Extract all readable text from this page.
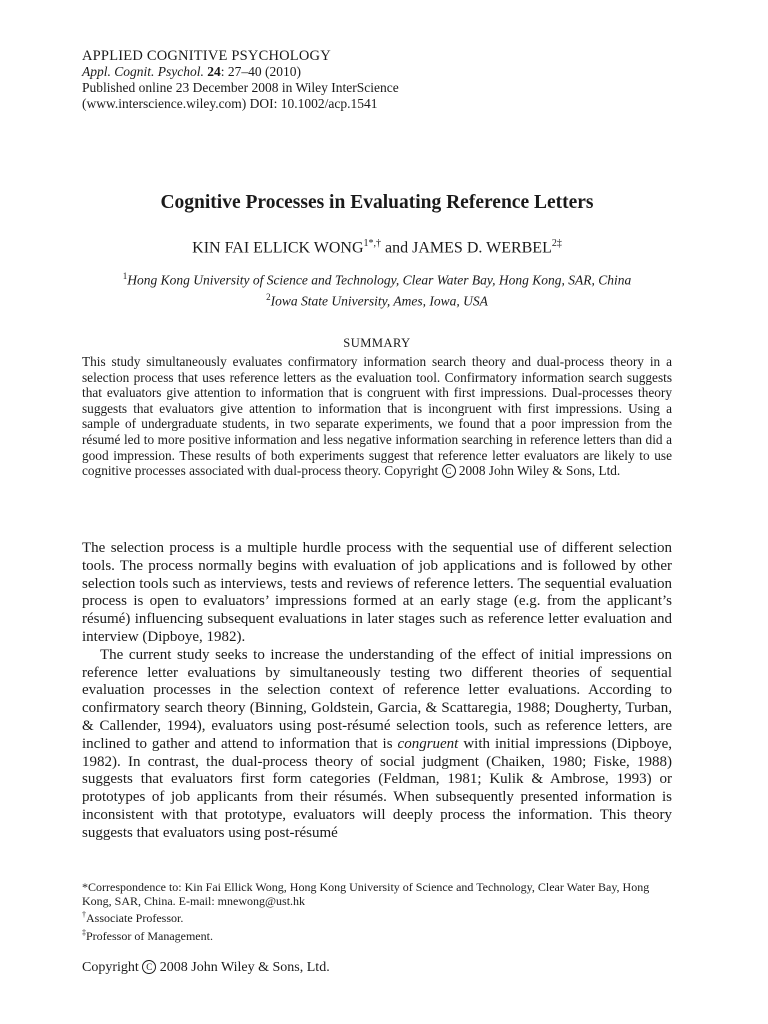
APPLIED COGNITIVE PSYCHOLOGY
Appl. Cognit. Psychol. 24: 27–40 (2010)
Published online 23 December 2008 in Wiley InterScience
(www.interscience.wiley.com) DOI: 10.1002/acp.1541
Cognitive Processes in Evaluating Reference Letters
KIN FAI ELLICK $WONG^{1*,\dagger}$ and JAMES D. $WERBEL^{2\ddagger}$
$^1$Hong Kong University of Science and Technology, Clear Water Bay, Hong Kong, SAR, China
$^2$Iowa State University, Ames, Iowa, USA
SUMMARY
This study simultaneously evaluates confirmatory information search theory and dual-process theory in a selection process that uses reference letters as the evaluation tool. Confirmatory information search suggests that evaluators give attention to information that is congruent with first impressions. Dual-processes theory suggests that evaluators give attention to information that is incongruent with first impressions. Using a sample of undergraduate students, in two separate experiments, we found that a poor impression from the résumé led to more positive information and less negative information searching in reference letters than did a good impression. These results of both experiments suggest that reference letter evaluators are likely to use cognitive processes associated with dual-process theory. Copyright C 2008 John Wiley & Sons, Ltd.

The selection process is a multiple hurdle process with the sequential use of different selection tools. The process normally begins with evaluation of job applications and is followed by other selection tools such as interviews, tests and reviews of reference letters. The sequential evaluation process is open to evaluators’ impressions formed at an early stage (e.g. from the applicant’s résumé) influencing subsequent evaluations in later stages such as reference letter evaluation and interview (Dipboye, 1982).

The current study seeks to increase the understanding of the effect of initial impressions on reference letter evaluations by simultaneously testing two different theories of sequential evaluation processes in the selection context of reference letter evaluations. According to confirmatory search theory (Binning, Goldstein, Garcia, & Scattaregia, 1988; Dougherty, Turban, & Callender, 1994), evaluators using post-résumé selection tools, such as reference letters, are inclined to gather and attend to information that is congruent with initial impressions (Dipboye, 1982). In contrast, the dual-process theory of social judgment (Chaiken, 1980; Fiske, 1988) suggests that evaluators first form categories (Feldman, 1981; Kulik & Ambrose, 1993) or prototypes of job applicants from their résumés. When subsequently presented information is inconsistent with that prototype, evaluators will deeply process the information. This theory suggests that evaluators using post-résumé

*Correspondence to: Kin Fai Ellick Wong, Hong Kong University of Science and Technology, Clear Water Bay, Hong Kong, SAR, China. E-mail: mnewong@ust.hk

†Associate Professor.

‡Professor of Management.

Copyright C 2008 John Wiley & Sons, Ltd.
